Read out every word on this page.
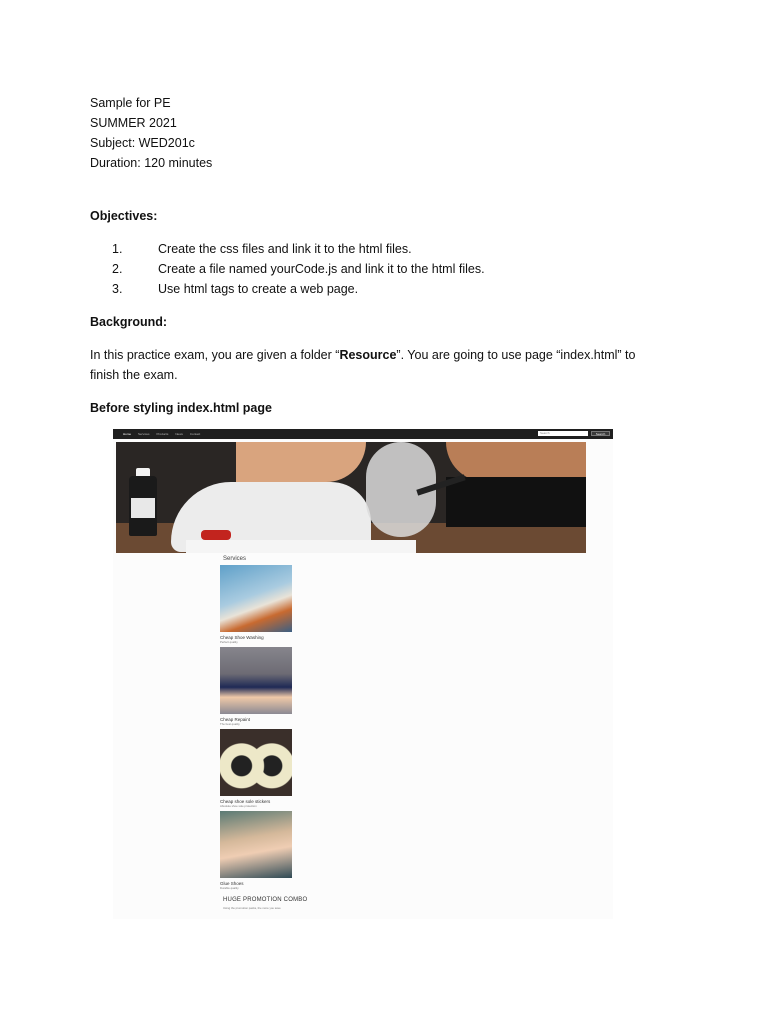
Sample for PE

SUMMER 2021

Subject: WED201c

Duration: 120 minutes

Objectives:

1.	Create the css files and link it to the html files.
2.	Create a file named yourCode.js and link it to the html files.
3.	Use html tags to create a web page.

Background:

In this practice exam, you are given a folder “Resource”. You are going to use page “index.html” to finish the exam.

Before styling index.html page

Home Services Products News Contact	Search	Search
Services
Cheap Shoe Washing
Perfect quality
Cheap Repaint
The best quality
Cheap shoe sole stickers
Absolute shoe sole protection
Glue Shoes
Durable quality
HUGE PROMOTION COMBO
Using the promotion packs, the more you save
